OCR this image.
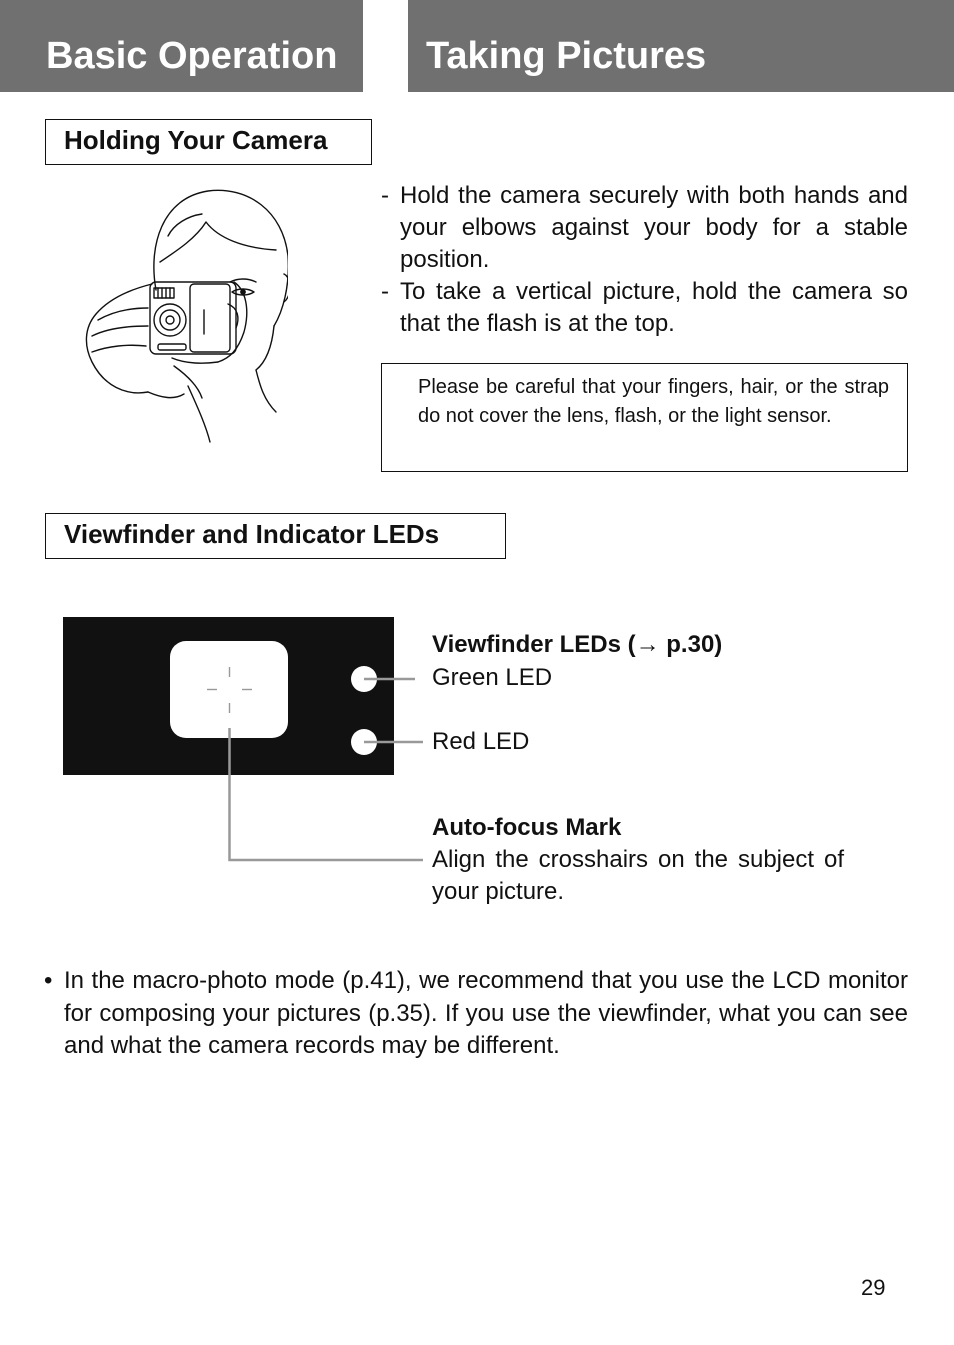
Basic Operation Taking Pictures
Holding Your Camera
- Hold the camera securely with both hands and your elbows against your body for a stable position.
- To take a vertical picture, hold the camera so that the flash is at the top.
Please be careful that your fingers, hair, or the strap do not cover the lens, flash, or the light sensor.
Viewfinder and Indicator LEDs
Viewfinder LEDs (→ p.30)
Green LED
Red LED
Auto-focus Mark
Align the crosshairs on the subject of your picture.
• In the macro-photo mode (p.41), we recommend that you use the LCD monitor for composing your pictures (p.35). If you use the viewfinder, what you can see and what the camera records may be different.
29
